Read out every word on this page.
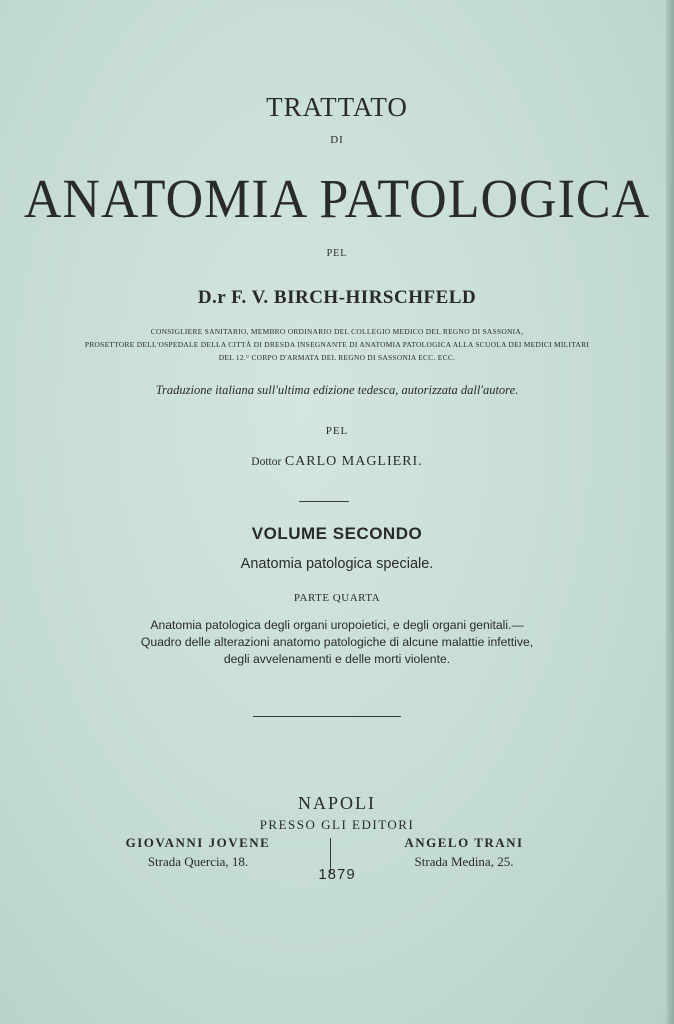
TRATTATO
DI
ANATOMIA PATOLOGICA
PEL
D.r F. V. BIRCH-HIRSCHFELD
CONSIGLIERE SANITARIO, MEMBRO ORDINARIO DEL COLLEGIO MEDICO DEL REGNO DI SASSONIA,
PROSETTORE DELL'OSPEDALE DELLA CITTÀ DI DRESDA INSEGNANTE DI ANATOMIA PATOLOGICA ALLA SCUOLA DEI MEDICI MILITARI
DEL 12.° CORPO D'ARMATA DEL REGNO DI SASSONIA ECC. ECC.
Traduzione italiana sull'ultima edizione tedesca, autorizzata dall'autore.
PEL
Dottor CARLO MAGLIERI.
VOLUME SECONDO
Anatomia patologica speciale.
PARTE QUARTA
Anatomia patologica degli organi uropoietici, e degli organi genitali.—
Quadro delle alterazioni anatomo patologiche di alcune malattie infettive,
degli avvelenamenti e delle morti violente.
NAPOLI
PRESSO GLI EDITORI
GIOVANNI JOVENE
Strada Quercia, 18.
ANGELO TRANI
Strada Medina, 25.
1879
